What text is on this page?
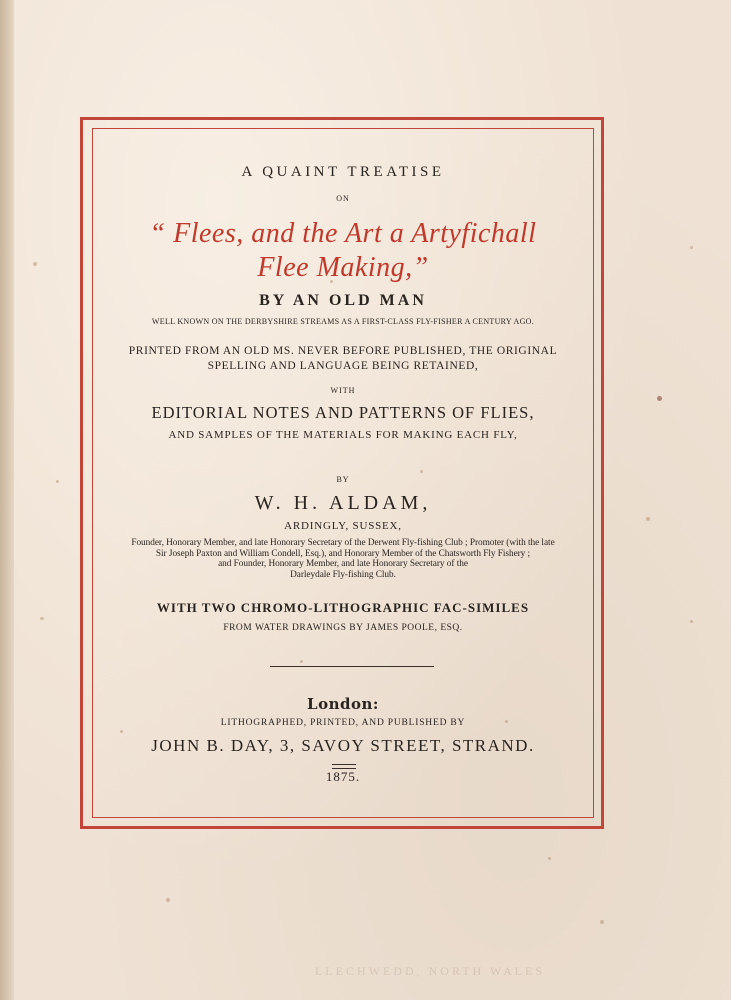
A QUAINT TREATISE
ON
“ Flees, and the Art a Artyfichall
Flee Making,”
BY AN OLD MAN
WELL KNOWN ON THE DERBYSHIRE STREAMS AS A FIRST-CLASS FLY-FISHER A CENTURY AGO.
PRINTED FROM AN OLD MS. NEVER BEFORE PUBLISHED, THE ORIGINAL
SPELLING AND LANGUAGE BEING RETAINED,
WITH
EDITORIAL NOTES AND PATTERNS OF FLIES,
AND SAMPLES OF THE MATERIALS FOR MAKING EACH FLY,
BY
W. H. ALDAM,
ARDINGLY, SUSSEX,
Founder, Honorary Member, and late Honorary Secretary of the Derwent Fly-fishing Club ; Promoter (with the late
Sir Joseph Paxton and William Condell, Esq.), and Honorary Member of the Chatsworth Fly Fishery ;
and Founder, Honorary Member, and late Honorary Secretary of the
Darleydale Fly-fishing Club.
WITH TWO CHROMO-LITHOGRAPHIC FAC-SIMILES
FROM WATER DRAWINGS BY JAMES POOLE, ESQ.
London:
LITHOGRAPHED, PRINTED, AND PUBLISHED BY
JOHN B. DAY, 3, SAVOY STREET, STRAND.
1875.
LLECHWEDD, NORTH WALES
